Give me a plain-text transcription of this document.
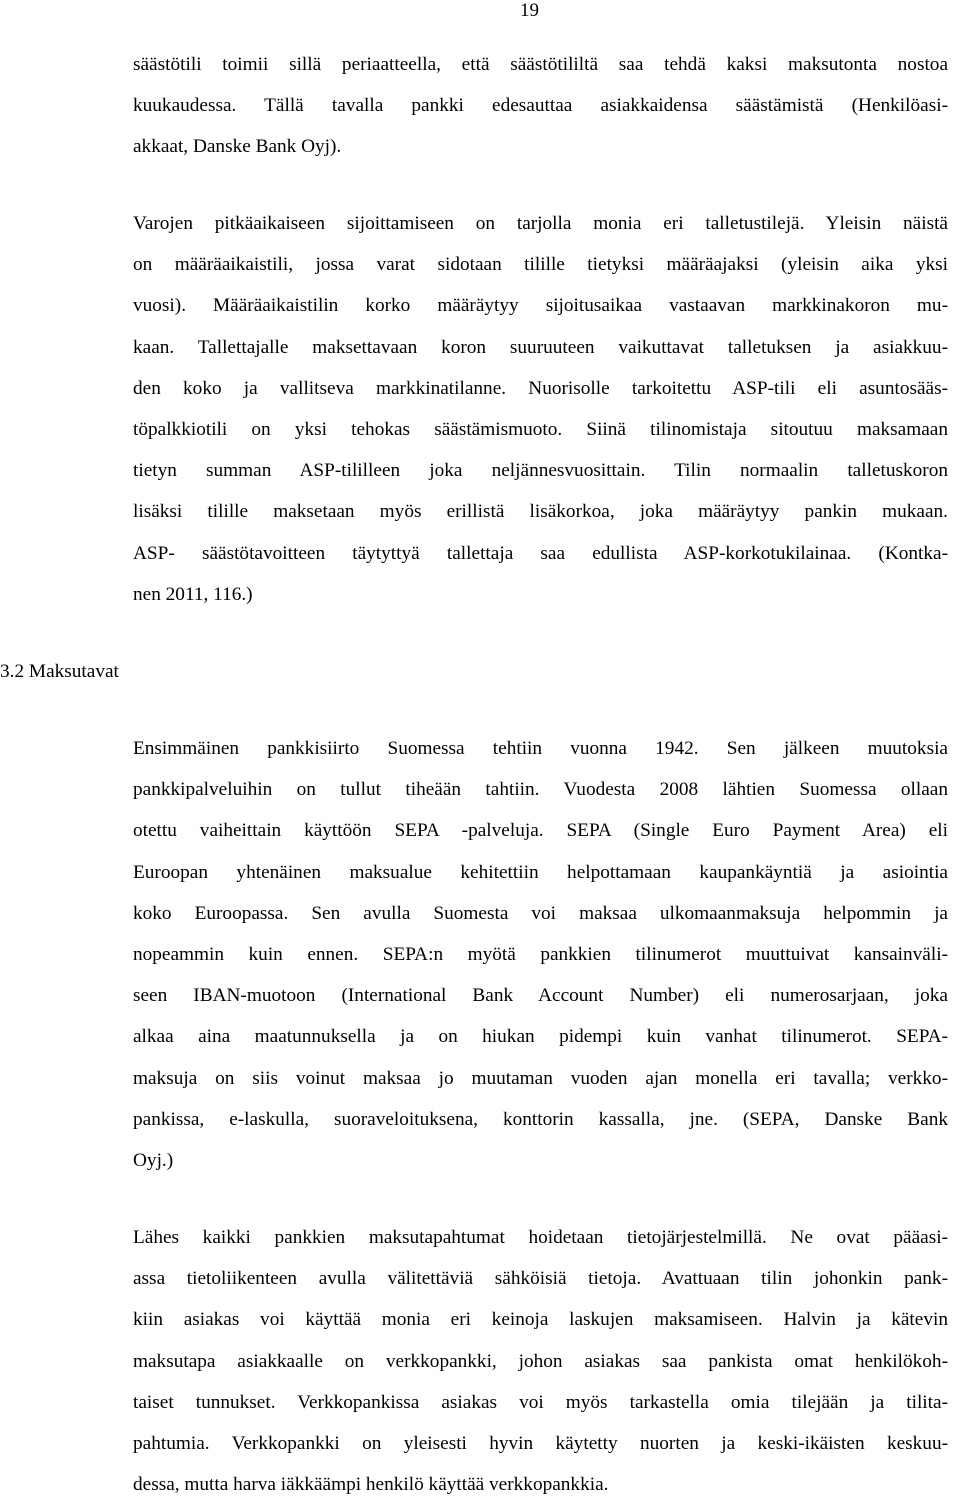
19

säästötili toimii sillä periaatteella, että säästötililtä saa tehdä kaksi maksutonta nostoa
kuukaudessa. Tällä tavalla pankki edesauttaa asiakkaidensa säästämistä (Henkilöasi-
akkaat, Danske Bank Oyj).

Varojen pitkäaikaiseen sijoittamiseen on tarjolla monia eri talletustilejä. Yleisin näistä
on määräaikaistili, jossa varat sidotaan tilille tietyksi määräajaksi (yleisin aika yksi
vuosi). Määräaikaistilin korko määräytyy sijoitusaikaa vastaavan markkinakoron mu-
kaan. Tallettajalle maksettavaan koron suuruuteen vaikuttavat talletuksen ja asiakkuu-
den koko ja vallitseva markkinatilanne. Nuorisolle tarkoitettu ASP-tili eli asuntosääs-
töpalkkiotili on yksi tehokas säästämismuoto. Siinä tilinomistaja sitoutuu maksamaan
tietyn summan ASP-tililleen joka neljännesvuosittain. Tilin normaalin talletuskoron
lisäksi tilille maksetaan myös erillistä lisäkorkoa, joka määräytyy pankin mukaan.
ASP- säästötavoitteen täytyttyä tallettaja saa edullista ASP-korkotukilainaa. (Kontka-
nen 2011, 116.)

3.2 Maksutavat

Ensimmäinen pankkisiirto Suomessa tehtiin vuonna 1942. Sen jälkeen muutoksia
pankkipalveluihin on tullut tiheään tahtiin. Vuodesta 2008 lähtien Suomessa ollaan
otettu vaiheittain käyttöön SEPA -palveluja. SEPA (Single Euro Payment Area) eli
Euroopan yhtenäinen maksualue kehitettiin helpottamaan kaupankäyntiä ja asiointia
koko Euroopassa. Sen avulla Suomesta voi maksaa ulkomaanmaksuja helpommin ja
nopeammin kuin ennen. SEPA:n myötä pankkien tilinumerot muuttuivat kansainväli-
seen IBAN-muotoon (International Bank Account Number) eli numerosarjaan, joka
alkaa aina maatunnuksella ja on hiukan pidempi kuin vanhat tilinumerot. SEPA-
maksuja on siis voinut maksaa jo muutaman vuoden ajan monella eri tavalla; verkko-
pankissa, e-laskulla, suoraveloituksena, konttorin kassalla, jne. (SEPA, Danske Bank
Oyj.)

Lähes kaikki pankkien maksutapahtumat hoidetaan tietojärjestelmillä. Ne ovat pääasi-
assa tietoliikenteen avulla välitettäviä sähköisiä tietoja. Avattuaan tilin johonkin pank-
kiin asiakas voi käyttää monia eri keinoja laskujen maksamiseen. Halvin ja kätevin
maksutapa asiakkaalle on verkkopankki, johon asiakas saa pankista omat henkilökoh-
taiset tunnukset. Verkkopankissa asiakas voi myös tarkastella omia tilejään ja tilita-
pahtumia. Verkkopankki on yleisesti hyvin käytetty nuorten ja keski-ikäisten keskuu-
dessa, mutta harva iäkkäämpi henkilö käyttää verkkopankkia.
